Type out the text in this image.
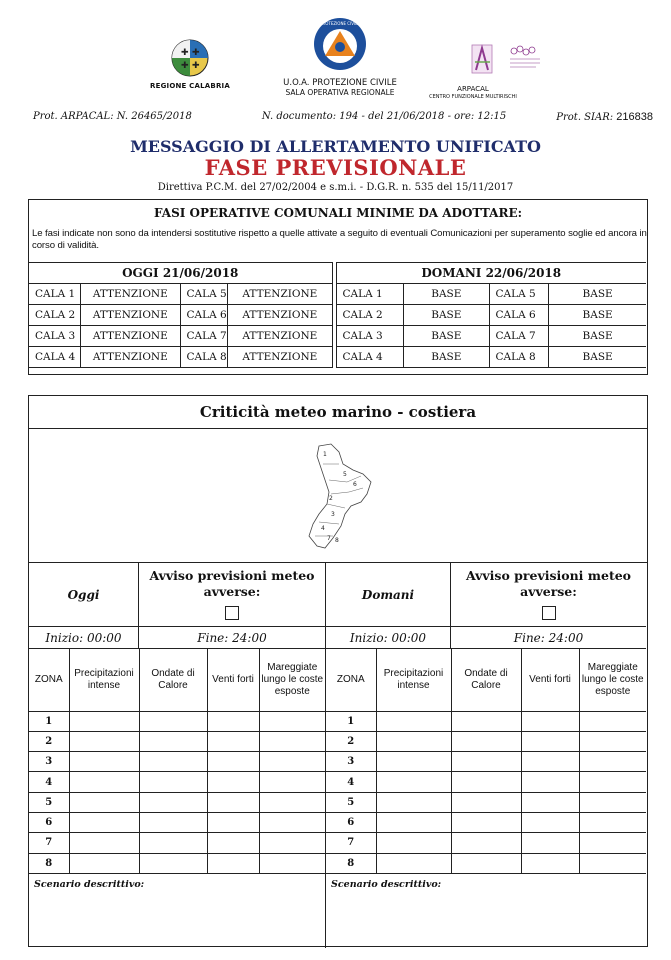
✚ ✚
✚ ✚
REGIONE CALABRIA
PROTEZIONE CIVILE
U.O.A. PROTEZIONE CIVILE
SALA OPERATIVA REGIONALE	ARPACAL
CENTRO FUNZIONALE MULTIRISCHI
Prot. ARPACAL: N. 26465/2018	N. documento: 194 - del 21/06/2018 - ore: 12:15	Prot. SIAR: 216838
MESSAGGIO DI ALLERTAMENTO UNIFICATO
FASE PREVISIONALE
Direttiva P.C.M. del 27/02/2004 e s.m.i. - D.G.R. n. 535 del 15/11/2017
FASI OPERATIVE COMUNALI MINIME DA ADOTTARE:
Le fasi indicate non sono da intendersi sostitutive rispetto a quelle attivate a seguito di eventuali Comunicazioni per superamento soglie ed ancora in corso di validità.
OGGI 21/06/2018			
CALA 1	ATTENZIONE	CALA 5	ATTENZIONE
CALA 2	ATTENZIONE	CALA 6	ATTENZIONE
CALA 3	ATTENZIONE	CALA 7	ATTENZIONE
CALA 4	ATTENZIONE	CALA 8	ATTENZIONE
DOMANI 22/06/2018			
CALA 1	BASE	CALA 5	BASE
CALA 2	BASE	CALA 6	BASE
CALA 3	BASE	CALA 7	BASE
CALA 4	BASE	CALA 8	BASE
Criticità meteo marino - costiera
1
2
3
4
5
6
7 8
Oggi
Avviso previsioni meteo avverse:
Inizio: 00:00	Fine: 24:00
ZONA	Precipitazioni intense	Ondate di Calore	Venti forti	Mareggiate lungo le coste esposte
1				
2				
3				
4				
5				
6				
7				
8				
Scenario descrittivo:
Domani
Avviso previsioni meteo avverse:
Inizio: 00:00	Fine: 24:00
ZONA	Precipitazioni intense	Ondate di Calore	Venti forti	Mareggiate lungo le coste esposte
1				
2				
3				
4				
5				
6				
7				
8				
Scenario descrittivo:
